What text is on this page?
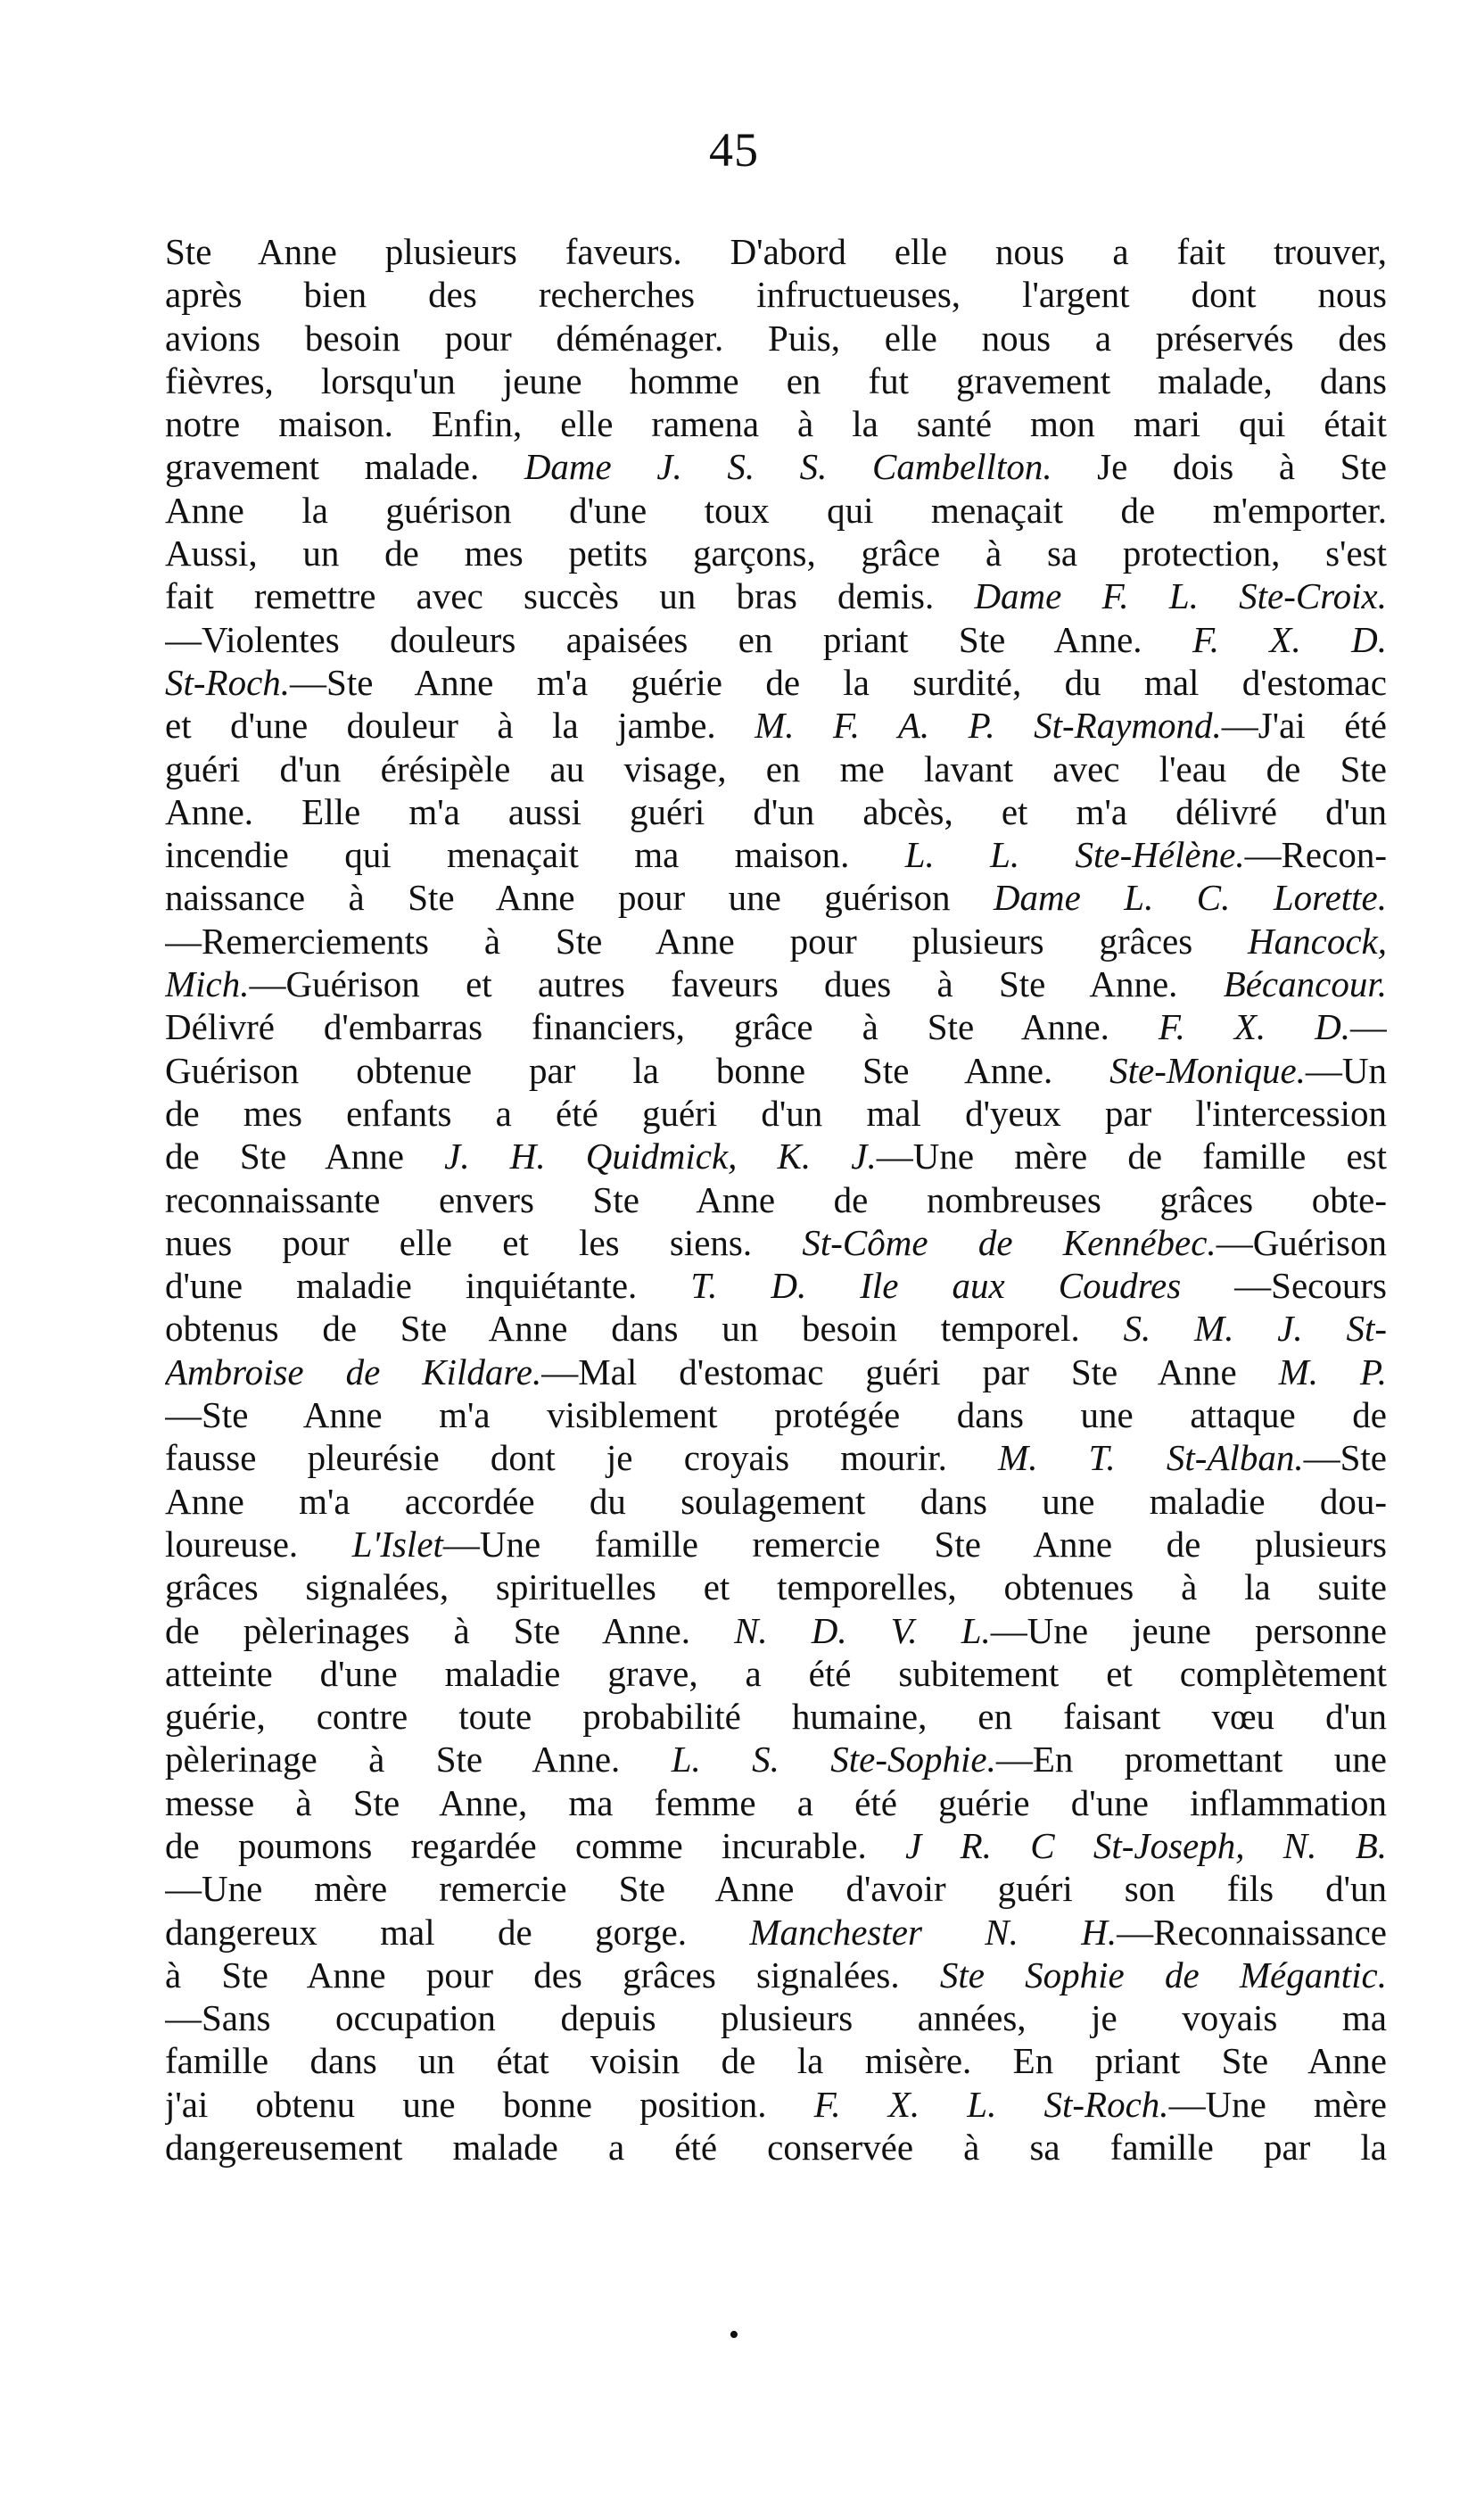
45
Ste Anne plusieurs faveurs. D'abord elle nous a fait trouver,
après bien des recherches infructueuses, l'argent dont nous
avions besoin pour déménager. Puis, elle nous a préservés des
fièvres, lorsqu'un jeune homme en fut gravement malade, dans
notre maison. Enfin, elle ramena à la santé mon mari qui était
gravement malade. Dame J. S. S. Cambellton. Je dois à Ste
Anne la guérison d'une toux qui menaçait de m'emporter.
Aussi, un de mes petits garçons, grâce à sa protection, s'est
fait remettre avec succès un bras demis. Dame F. L. Ste-Croix.
—Violentes douleurs apaisées en priant Ste Anne. F. X. D.
St-Roch.—Ste Anne m'a guérie de la surdité, du mal d'estomac
et d'une douleur à la jambe. M. F. A. P. St-Raymond.—J'ai été
guéri d'un érésipèle au visage, en me lavant avec l'eau de Ste
Anne. Elle m'a aussi guéri d'un abcès, et m'a délivré d'un
incendie qui menaçait ma maison. L. L. Ste-Hélène.—Recon-
naissance à Ste Anne pour une guérison Dame L. C. Lorette.
—Remerciements à Ste Anne pour plusieurs grâces Hancock,
Mich.—Guérison et autres faveurs dues à Ste Anne. Bécancour.
Délivré d'embarras financiers, grâce à Ste Anne. F. X. D.—
Guérison obtenue par la bonne Ste Anne. Ste-Monique.—Un
de mes enfants a été guéri d'un mal d'yeux par l'intercession
de Ste Anne J. H. Quidmick, K. J.—Une mère de famille est
reconnaissante envers Ste Anne de nombreuses grâces obte-
nues pour elle et les siens. St-Côme de Kennébec.—Guérison
d'une maladie inquiétante. T. D. Ile aux Coudres —Secours
obtenus de Ste Anne dans un besoin temporel. S. M. J. St-
Ambroise de Kildare.—Mal d'estomac guéri par Ste Anne M. P.
—Ste Anne m'a visiblement protégée dans une attaque de
fausse pleurésie dont je croyais mourir. M. T. St-Alban.—Ste
Anne m'a accordée du soulagement dans une maladie dou-
loureuse. L'Islet—Une famille remercie Ste Anne de plusieurs
grâces signalées, spirituelles et temporelles, obtenues à la suite
de pèlerinages à Ste Anne. N. D. V. L.—Une jeune personne
atteinte d'une maladie grave, a été subitement et complètement
guérie, contre toute probabilité humaine, en faisant vœu d'un
pèlerinage à Ste Anne. L. S. Ste-Sophie.—En promettant une
messe à Ste Anne, ma femme a été guérie d'une inflammation
de poumons regardée comme incurable. J R. C St-Joseph, N. B.
—Une mère remercie Ste Anne d'avoir guéri son fils d'un
dangereux mal de gorge. Manchester N. H.—Reconnaissance
à Ste Anne pour des grâces signalées. Ste Sophie de Mégantic.
—Sans occupation depuis plusieurs années, je voyais ma
famille dans un état voisin de la misère. En priant Ste Anne
j'ai obtenu une bonne position. F. X. L. St-Roch.—Une mère
dangereusement malade a été conservée à sa famille par la
•
